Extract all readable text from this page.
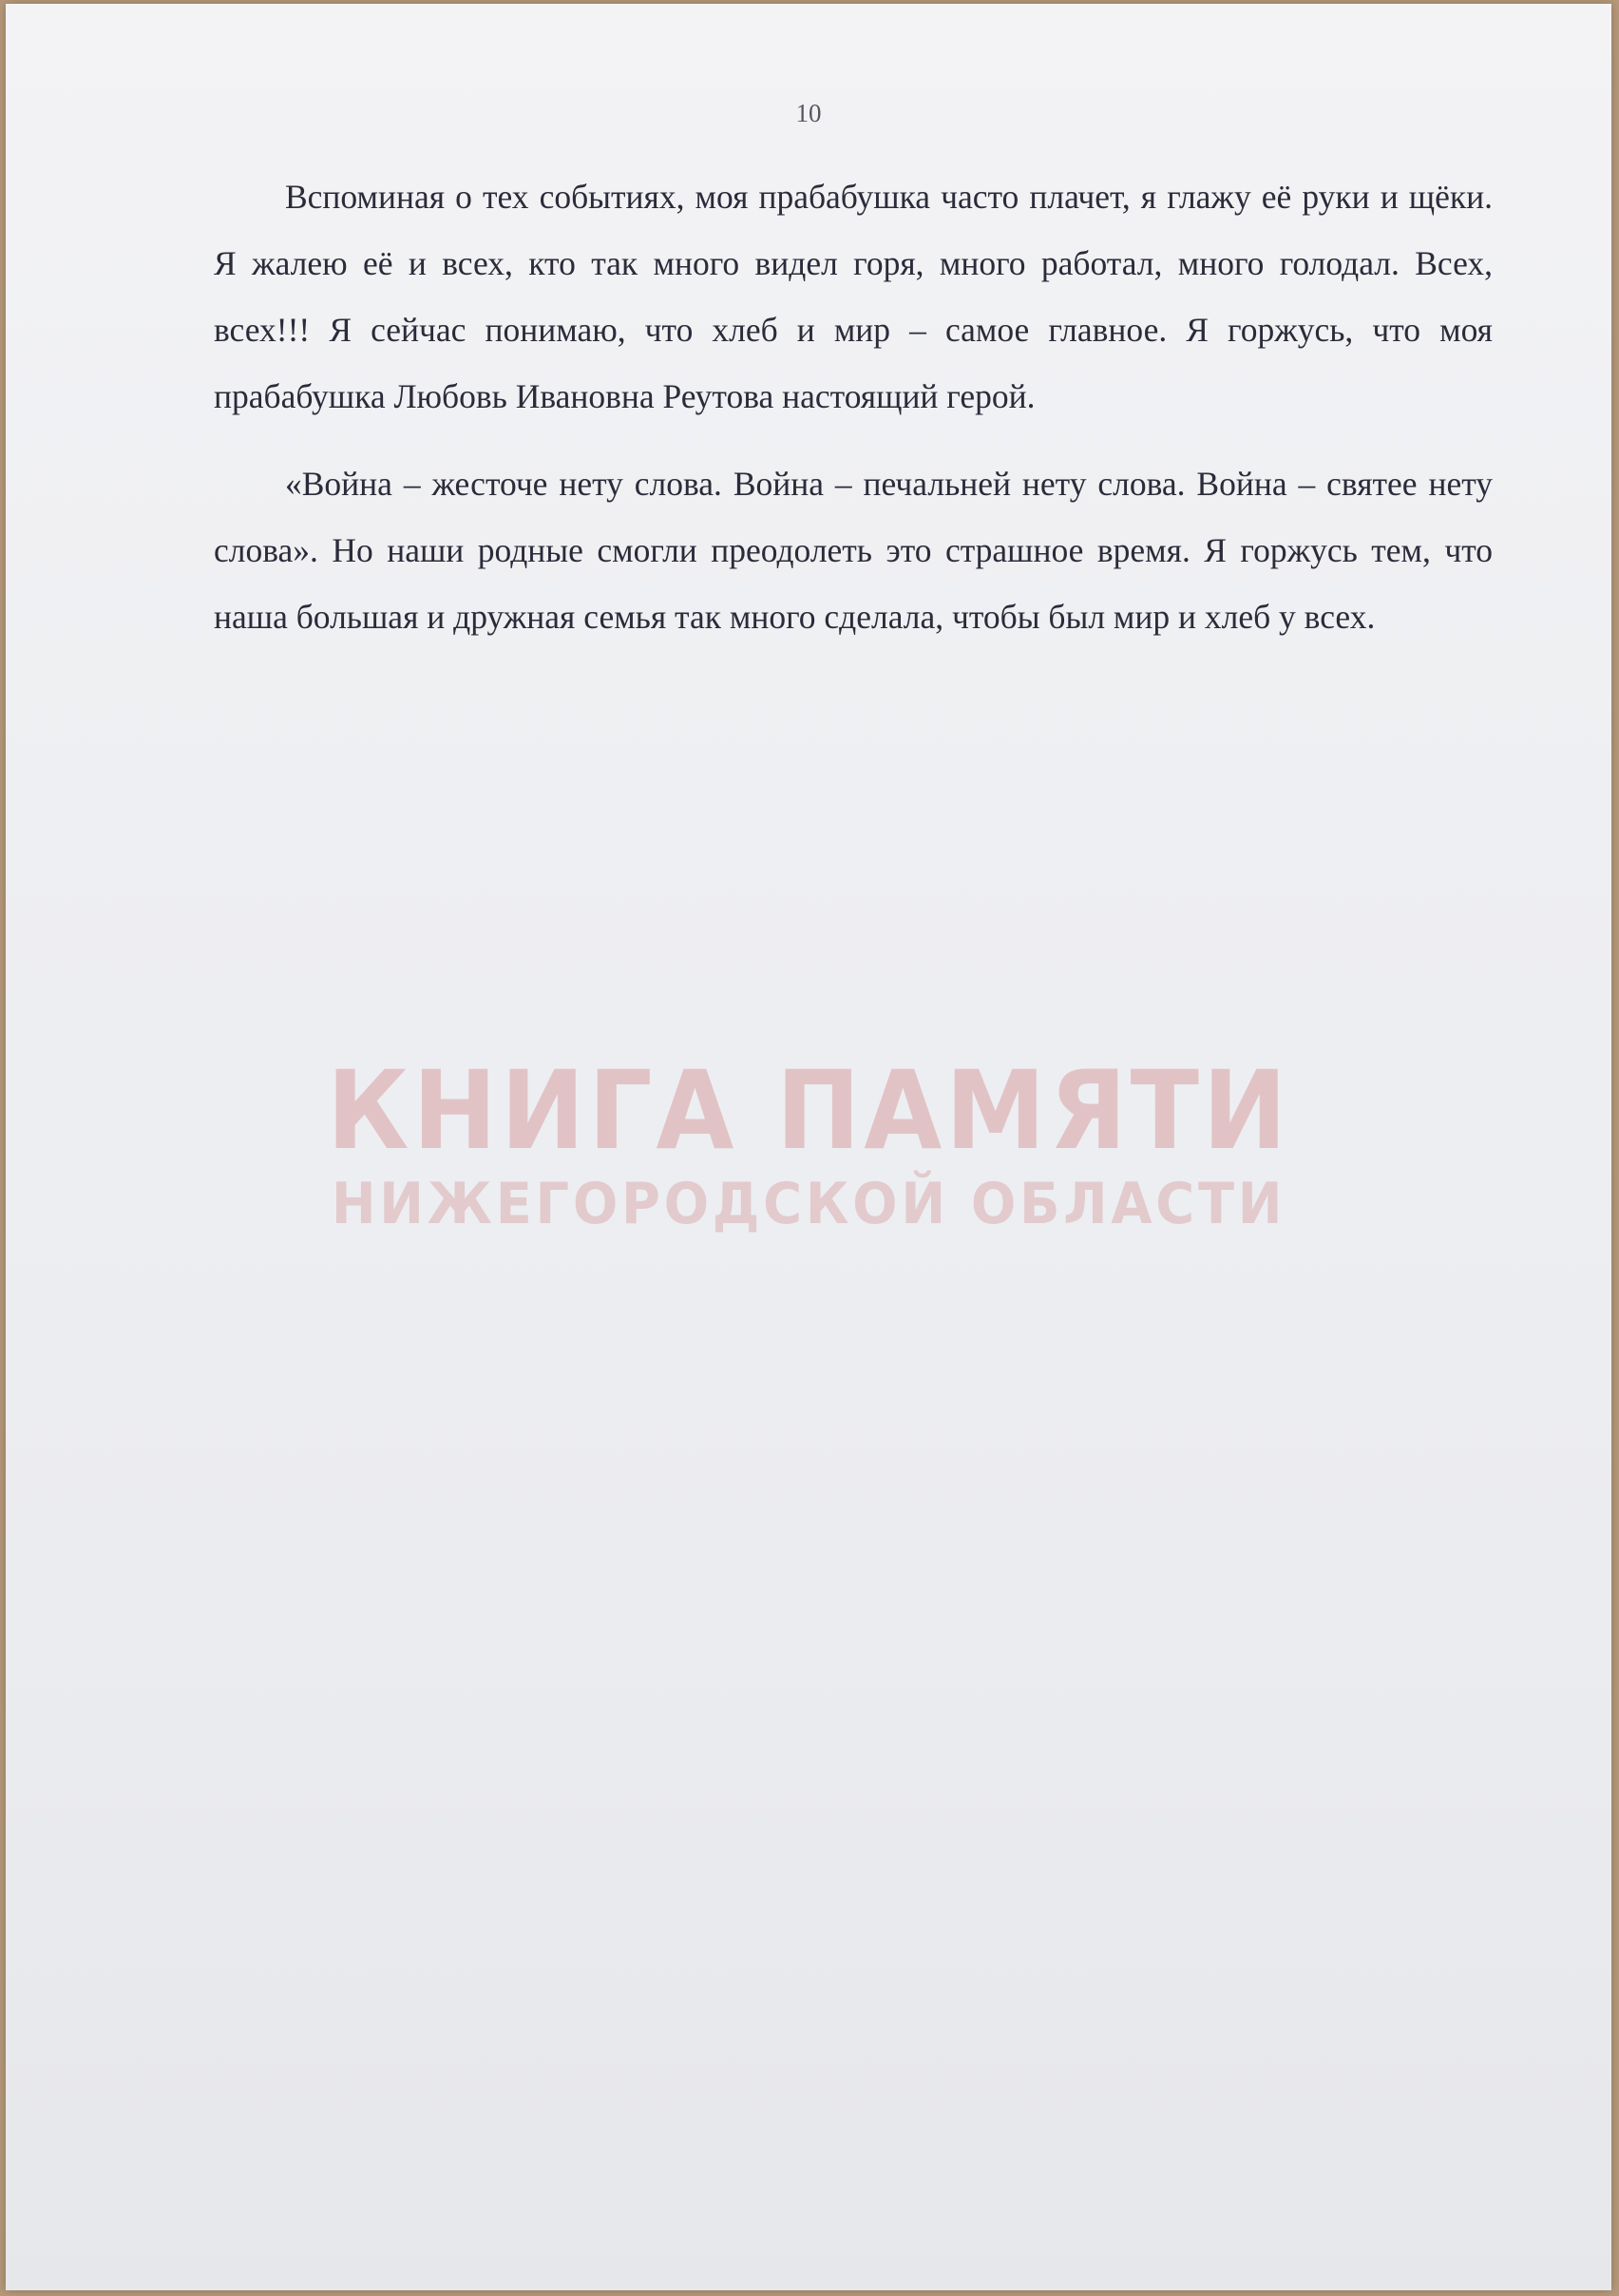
10

Вспоминая о тех событиях, моя прабабушка часто плачет, я глажу её руки и щёки. Я жалею её и всех, кто так много видел горя, много работал, много голодал. Всех, всех!!! Я сейчас понимаю, что хлеб и мир – самое главное. Я горжусь, что моя прабабушка Любовь Ивановна Реутова настоящий герой.

«Война – жесточе нету слова. Война – печальней нету слова. Война – святее нету слова». Но наши родные смогли преодолеть это страшное время. Я горжусь тем, что наша большая и дружная семья так много сделала, чтобы был мир и хлеб у всех.

КНИГА ПАМЯТИ
НИЖЕГОРОДСКОЙ ОБЛАСТИ
